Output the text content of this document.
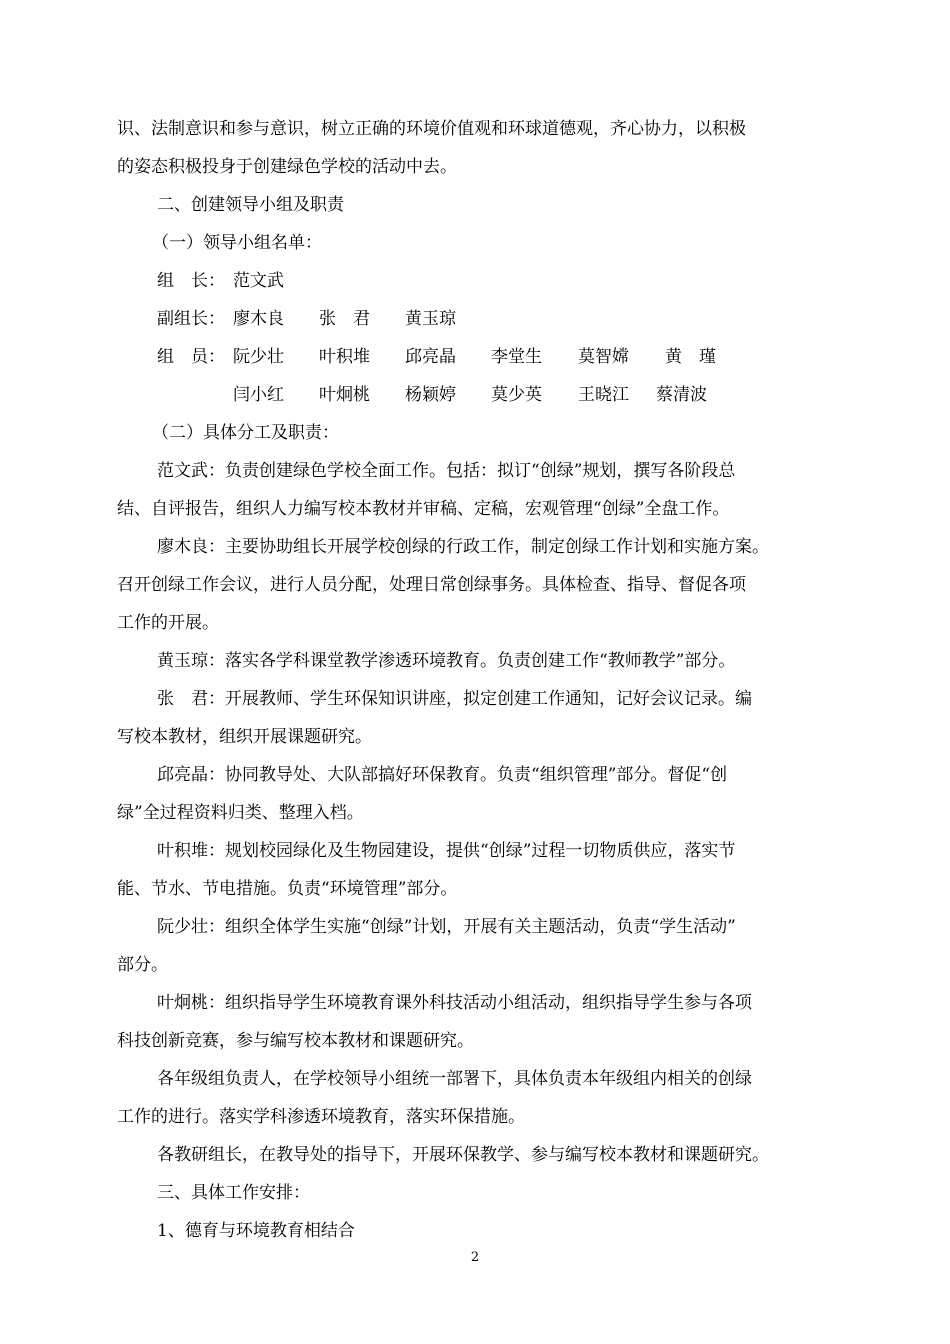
识、法制意识和参与意识，树立正确的环境价值观和环球道德观，齐心协力，以积极
的姿态积极投身于创建绿色学校的活动中去。
二、创建领导小组及职责
（一）领导小组名单：
组　长： 范文武
副组长： 廖木良 张　君 黄玉琼
组　员： 阮少壮 叶积堆 邱亮晶 李堂生 莫智嫦 黄　瑾
闫小红 叶炯桃 杨颖婷 莫少英 王晓江 蔡清波
（二）具体分工及职责：
范文武：负责创建绿色学校全面工作。包括：拟订“创绿”规划，撰写各阶段总
结、自评报告，组织人力编写校本教材并审稿、定稿，宏观管理“创绿”全盘工作。
廖木良：主要协助组长开展学校创绿的行政工作，制定创绿工作计划和实施方案。
召开创绿工作会议，进行人员分配，处理日常创绿事务。具体检查、指导、督促各项
工作的开展。
黄玉琼：落实各学科课堂教学渗透环境教育。负责创建工作“教师教学”部分。
张　君：开展教师、学生环保知识讲座，拟定创建工作通知，记好会议记录。编
写校本教材，组织开展课题研究。
邱亮晶：协同教导处、大队部搞好环保教育。负责“组织管理”部分。督促“创
绿”全过程资料归类、整理入档。
叶积堆：规划校园绿化及生物园建设，提供“创绿”过程一切物质供应，落实节
能、节水、节电措施。负责“环境管理”部分。
阮少壮：组织全体学生实施“创绿”计划，开展有关主题活动，负责“学生活动”
部分。
叶炯桃：组织指导学生环境教育课外科技活动小组活动，组织指导学生参与各项
科技创新竞赛，参与编写校本教材和课题研究。
各年级组负责人，在学校领导小组统一部署下，具体负责本年级组内相关的创绿
工作的进行。落实学科渗透环境教育，落实环保措施。
各教研组长，在教导处的指导下，开展环保教学、参与编写校本教材和课题研究。
三、具体工作安排：
1、德育与环境教育相结合
2
